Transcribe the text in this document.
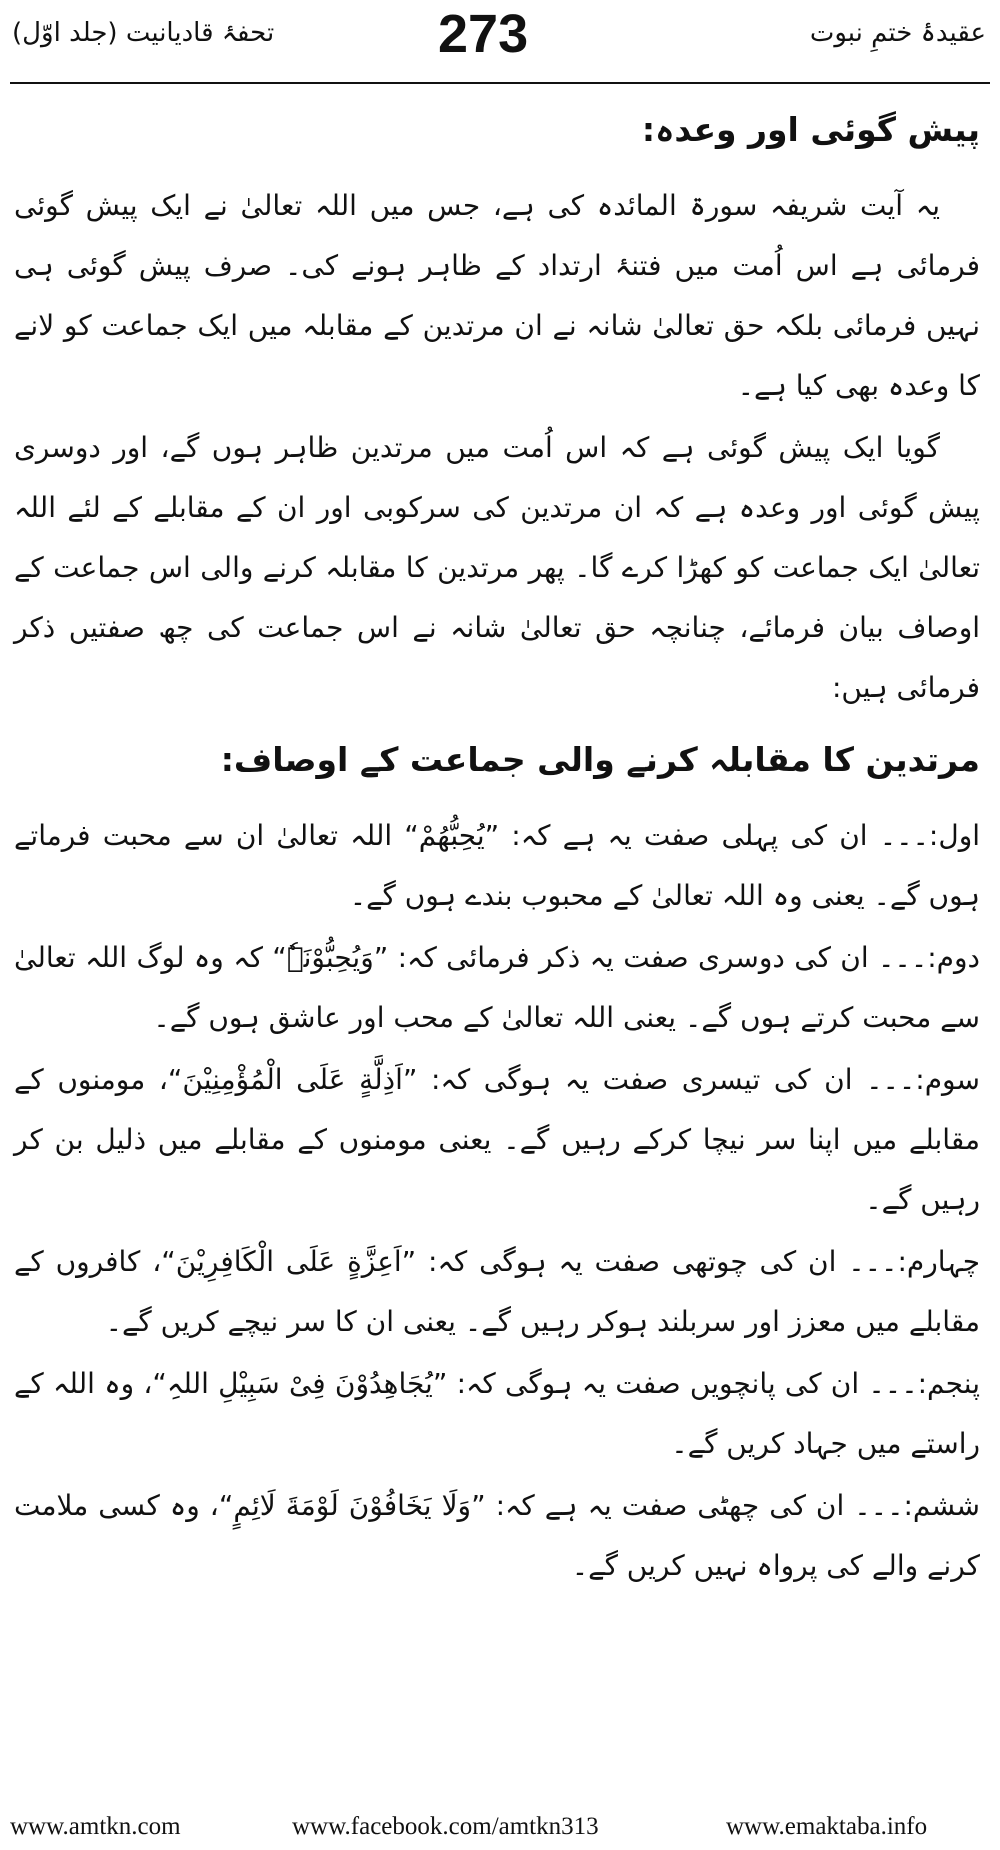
تحفۂ قادیانیت (جلد اوّل)	273	عقیدۂ ختمِ نبوت
پیش گوئی اور وعدہ:
یہ آیت شریفہ سورۃ المائدہ کی ہے، جس میں اللہ تعالیٰ نے ایک پیش گوئی فرمائی ہے اس اُمت میں فتنۂ ارتداد کے ظاہر ہونے کی۔ صرف پیش گوئی ہی نہیں فرمائی بلکہ حق تعالیٰ شانہ نے ان مرتدین کے مقابلہ میں ایک جماعت کو لانے کا وعدہ بھی کیا ہے۔
گویا ایک پیش گوئی ہے کہ اس اُمت میں مرتدین ظاہر ہوں گے، اور دوسری پیش گوئی اور وعدہ ہے کہ ان مرتدین کی سرکوبی اور ان کے مقابلے کے لئے اللہ تعالیٰ ایک جماعت کو کھڑا کرے گا۔ پھر مرتدین کا مقابلہ کرنے والی اس جماعت کے اوصاف بیان فرمائے، چنانچہ حق تعالیٰ شانہ نے اس جماعت کی چھ صفتیں ذکر فرمائی ہیں:
مرتدین کا مقابلہ کرنے والی جماعت کے اوصاف:
اول:۔۔۔ ان کی پہلی صفت یہ ہے کہ: ”یُحِبُّھُمْ“ اللہ تعالیٰ ان سے محبت فرماتے ہوں گے۔ یعنی وہ اللہ تعالیٰ کے محبوب بندے ہوں گے۔
دوم:۔۔۔ ان کی دوسری صفت یہ ذکر فرمائی کہ: ”وَیُحِبُّوْنَہٗ“ کہ وہ لوگ اللہ تعالیٰ سے محبت کرتے ہوں گے۔ یعنی اللہ تعالیٰ کے محب اور عاشق ہوں گے۔
سوم:۔۔۔ ان کی تیسری صفت یہ ہوگی کہ: ”اَذِلَّةٍ عَلَى الْمُؤْمِنِيْنَ“، مومنوں کے مقابلے میں اپنا سر نیچا کرکے رہیں گے۔ یعنی مومنوں کے مقابلے میں ذلیل بن کر رہیں گے۔
چہارم:۔۔۔ ان کی چوتھی صفت یہ ہوگی کہ: ”اَعِزَّةٍ عَلَى الْكَافِرِيْنَ“، کافروں کے مقابلے میں معزز اور سربلند ہوکر رہیں گے۔ یعنی ان کا سر نیچے کریں گے۔
پنجم:۔۔۔ ان کی پانچویں صفت یہ ہوگی کہ: ”یُجَاھِدُوْنَ فِیْ سَبِیْلِ اللہِ“، وہ اللہ کے راستے میں جہاد کریں گے۔
ششم:۔۔۔ ان کی چھٹی صفت یہ ہے کہ: ”وَلَا یَخَافُوْنَ لَوْمَةَ لَائِمٍ“، وہ کسی ملامت کرنے والے کی پرواہ نہیں کریں گے۔
www.amtkn.com	www.facebook.com/amtkn313	www.emaktaba.info
